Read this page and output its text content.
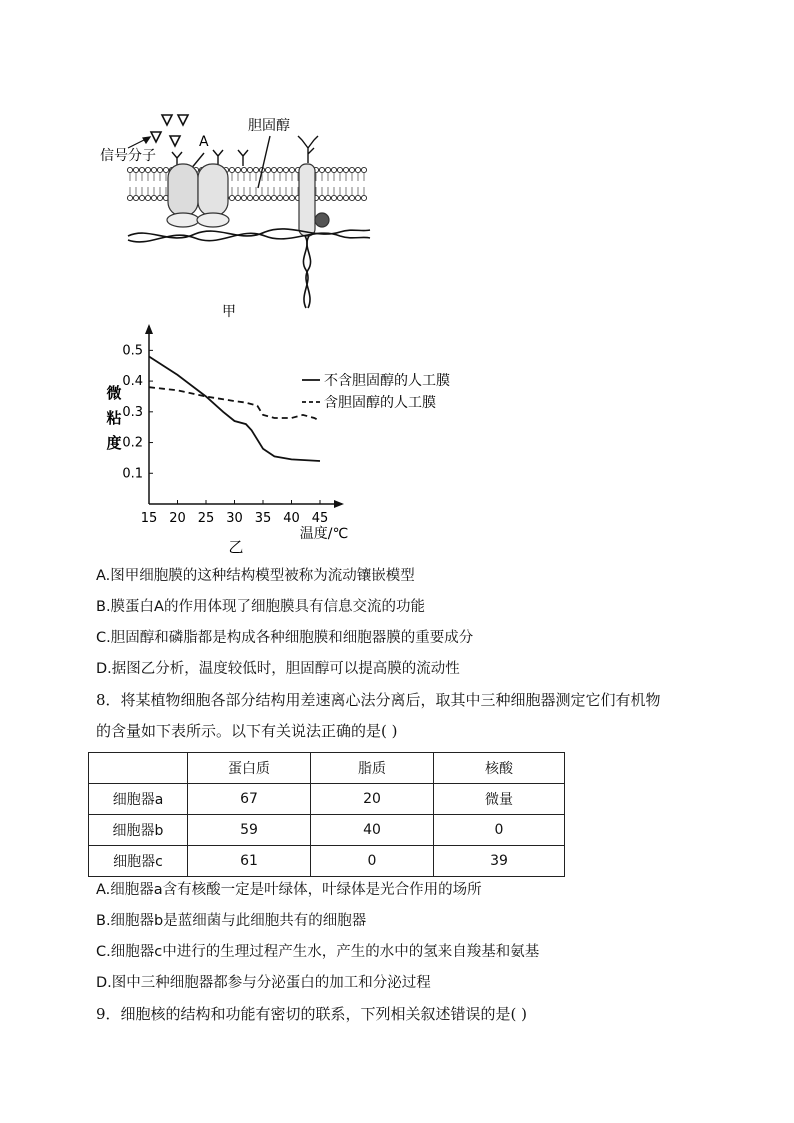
信号分子
A
胆固醇
甲
15 20 25 30 35 40 45
0.1
0.2
0.3
0.4
0.5
微
粘
度
温度/℃
不含胆固醇的人工膜
含胆固醇的人工膜
乙
A.图甲细胞膜的这种结构模型被称为流动镶嵌模型
B.膜蛋白A的作用体现了细胞膜具有信息交流的功能
C.胆固醇和磷脂都是构成各种细胞膜和细胞器膜的重要成分
D.据图乙分析，温度较低时，胆固醇可以提高膜的流动性
8．将某植物细胞各部分结构用差速离心法分离后，取其中三种细胞器测定它们有机物
的含量如下表所示。以下有关说法正确的是( )
	蛋白质	脂质	核酸
细胞器a	67	20	微量
细胞器b	59	40	0
细胞器c	61	0	39
A.细胞器a含有核酸一定是叶绿体，叶绿体是光合作用的场所
B.细胞器b是蓝细菌与此细胞共有的细胞器
C.细胞器c中进行的生理过程产生水，产生的水中的氢来自羧基和氨基
D.图中三种细胞器都参与分泌蛋白的加工和分泌过程
9．细胞核的结构和功能有密切的联系，下列相关叙述错误的是( )
